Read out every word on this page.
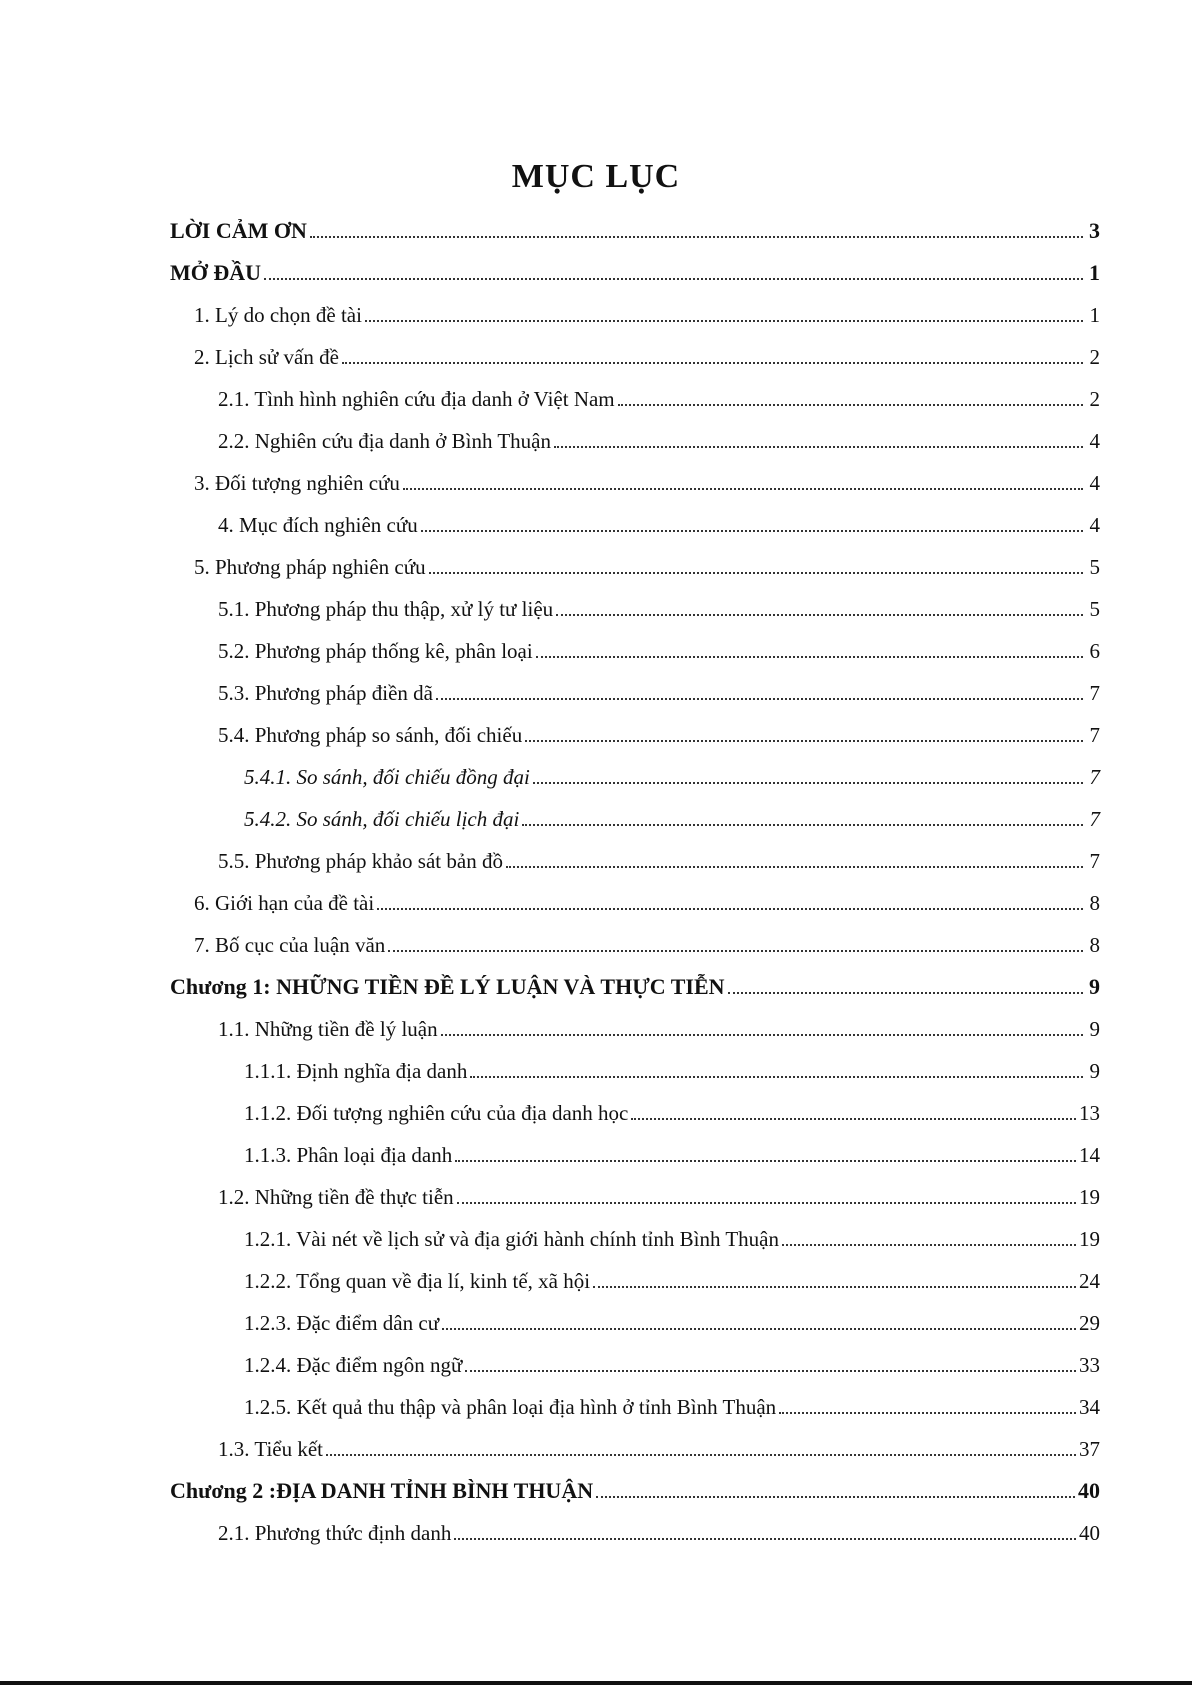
MỤC LỤC
LỜI CẢM ƠN	3
MỞ ĐẦU	1
1. Lý do chọn đề tài	1
2. Lịch sử vấn đề	2
2.1. Tình hình nghiên cứu địa danh ở Việt Nam	2
2.2. Nghiên cứu địa danh ở Bình Thuận	4
3. Đối tượng nghiên cứu	4
4. Mục đích nghiên cứu	4
5. Phương pháp nghiên cứu	5
5.1. Phương pháp thu thập, xử lý tư liệu	5
5.2. Phương pháp thống kê, phân loại	6
5.3. Phương pháp điền dã	7
5.4. Phương pháp so sánh, đối chiếu	7
5.4.1. So sánh, đối chiếu đồng đại	7
5.4.2. So sánh, đối chiếu lịch đại	7
5.5. Phương pháp khảo sát bản đồ	7
6. Giới hạn của đề tài	8
7. Bố cục của luận văn	8
Chương 1: NHỮNG TIỀN ĐỀ LÝ LUẬN VÀ THỰC TIỄN	9
1.1. Những tiền đề lý luận	9
1.1.1. Định nghĩa địa danh	9
1.1.2. Đối tượng nghiên cứu của địa danh học	13
1.1.3. Phân loại địa danh	14
1.2. Những tiền đề thực tiễn	19
1.2.1. Vài nét về lịch sử và địa giới hành chính tỉnh Bình Thuận	19
1.2.2. Tổng quan về địa lí, kinh tế, xã hội	24
1.2.3. Đặc điểm dân cư	29
1.2.4. Đặc điểm ngôn ngữ	33
1.2.5. Kết quả thu thập và phân loại địa hình ở tỉnh Bình Thuận	34
1.3. Tiểu kết	37
Chương 2 :ĐỊA DANH TỈNH BÌNH THUẬN	40
2.1. Phương thức định danh	40
